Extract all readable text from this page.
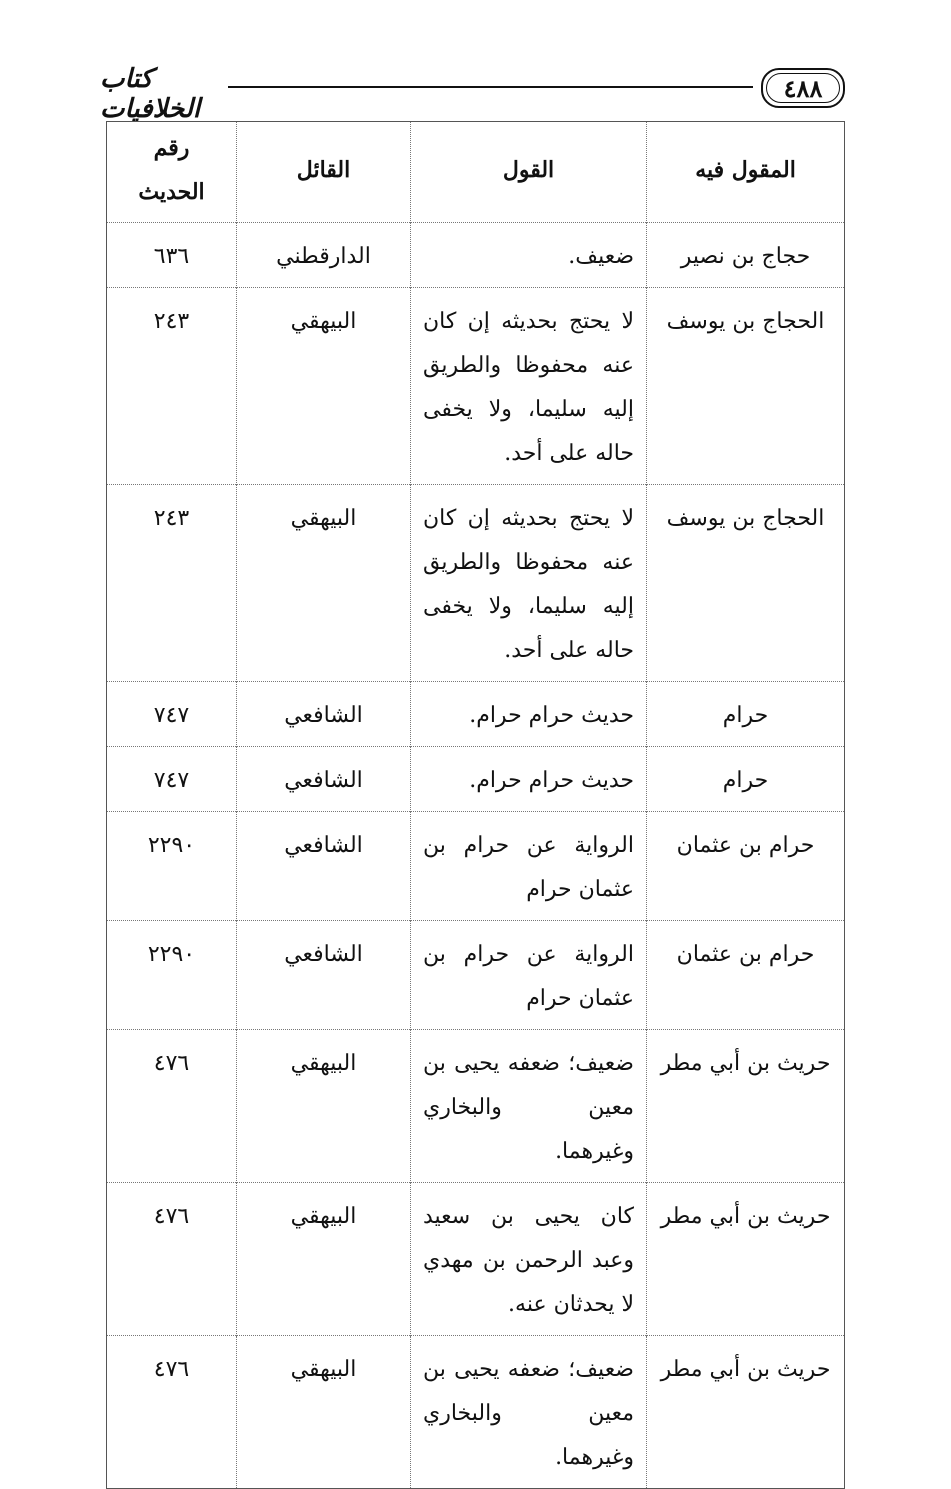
كتاب الخلافيات
٤٨٨
المقول فيه	القول	القائل	رقم الحديث
حجاج بن نصير	ضعيف.	الدارقطني	٦٣٦
الحجاج بن يوسف	لا يحتج بحديثه إن كان عنه محفوظا والطريق إليه سليما، ولا يخفى حاله على أحد.	البيهقي	٢٤٣
الحجاج بن يوسف	لا يحتج بحديثه إن كان عنه محفوظا والطريق إليه سليما، ولا يخفى حاله على أحد.	البيهقي	٢٤٣
حرام	حديث حرام حرام.	الشافعي	٧٤٧
حرام	حديث حرام حرام.	الشافعي	٧٤٧
حرام بن عثمان	الرواية عن حرام بن عثمان حرام	الشافعي	٢٢٩٠
حرام بن عثمان	الرواية عن حرام بن عثمان حرام	الشافعي	٢٢٩٠
حريث بن أبي مطر	ضعيف؛ ضعفه يحيى بن معين والبخاري وغيرهما.	البيهقي	٤٧٦
حريث بن أبي مطر	كان يحيى بن سعيد وعبد الرحمن بن مهدي لا يحدثان عنه.	البيهقي	٤٧٦
حريث بن أبي مطر	ضعيف؛ ضعفه يحيى بن معين والبخاري وغيرهما.	البيهقي	٤٧٦
